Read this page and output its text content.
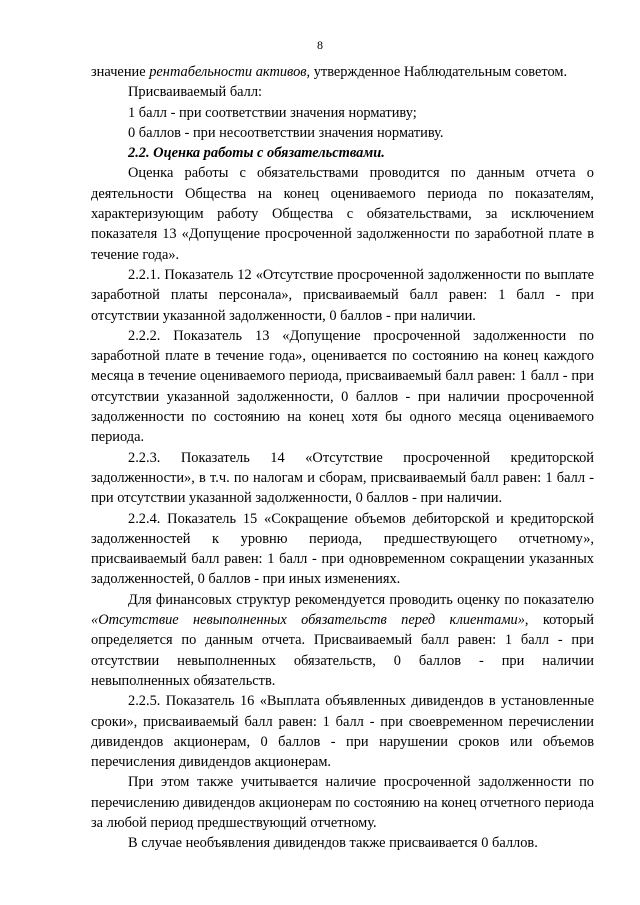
8

значение рентабельности активов, утвержденное Наблюдательным советом.

Присваиваемый балл:

1 балл - при соответствии значения нормативу;

0 баллов - при несоответствии значения нормативу.

2.2. Оценка работы с обязательствами.

Оценка работы с обязательствами проводится по данным отчета о деятельности Общества на конец оцениваемого периода по показателям, характеризующим работу Общества с обязательствами, за исключением показателя 13 «Допущение просроченной задолженности по заработной плате в течение года».

2.2.1. Показатель 12 «Отсутствие просроченной задолженности по выплате заработной платы персонала», присваиваемый балл равен: 1 балл - при отсутствии указанной задолженности, 0 баллов - при наличии.

2.2.2. Показатель 13 «Допущение просроченной задолженности по заработной плате в течение года», оценивается по состоянию на конец каждого месяца в течение оцениваемого периода, присваиваемый балл равен: 1 балл - при отсутствии указанной задолженности, 0 баллов - при наличии просроченной задолженности по состоянию на конец хотя бы одного месяца оцениваемого периода.

2.2.3. Показатель 14 «Отсутствие просроченной кредиторской задолженности», в т.ч. по налогам и сборам, присваиваемый балл равен: 1 балл - при отсутствии указанной задолженности, 0 баллов - при наличии.

2.2.4. Показатель 15 «Сокращение объемов дебиторской и кредиторской задолженностей к уровню периода, предшествующего отчетному», присваиваемый балл равен: 1 балл - при одновременном сокращении указанных задолженностей, 0 баллов - при иных изменениях.

Для финансовых структур рекомендуется проводить оценку по показателю «Отсутствие невыполненных обязательств перед клиентами», который определяется по данным отчета. Присваиваемый балл равен: 1 балл - при отсутствии невыполненных обязательств, 0 баллов - при наличии невыполненных обязательств.

2.2.5. Показатель 16 «Выплата объявленных дивидендов в установленные сроки», присваиваемый балл равен: 1 балл - при своевременном перечислении дивидендов акционерам, 0 баллов - при нарушении сроков или объемов перечисления дивидендов акционерам.

При этом также учитывается наличие просроченной задолженности по перечислению дивидендов акционерам по состоянию на конец отчетного периода за любой период предшествующий отчетному.

В случае необъявления дивидендов также присваивается 0 баллов.
